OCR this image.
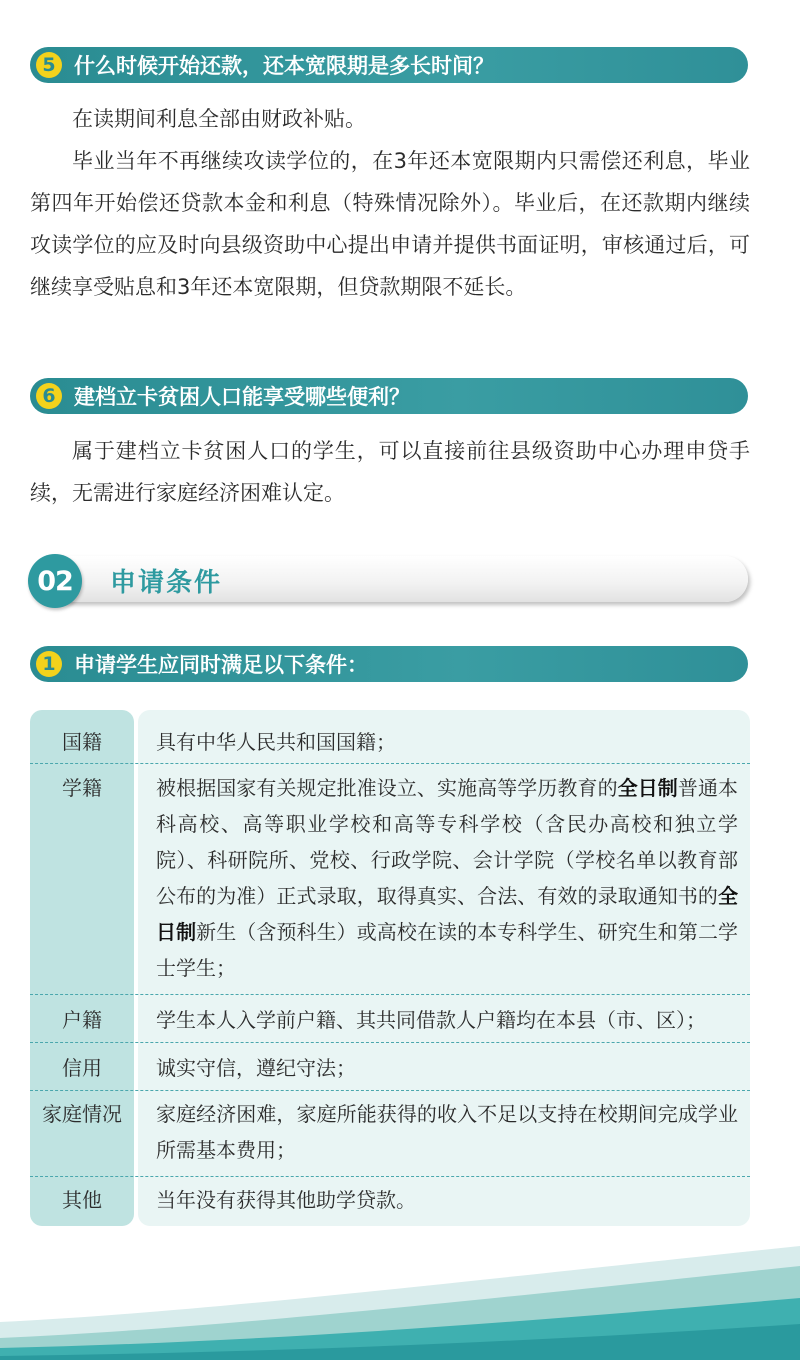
5 什么时候开始还款，还本宽限期是多长时间？

在读期间利息全部由财政补贴。

毕业当年不再继续攻读学位的，在3年还本宽限期内只需偿还利息，毕业第四年开始偿还贷款本金和利息（特殊情况除外）。毕业后，在还款期内继续攻读学位的应及时向县级资助中心提出申请并提供书面证明，审核通过后，可继续享受贴息和3年还本宽限期，但贷款期限不延长。

6 建档立卡贫困人口能享受哪些便利？

属于建档立卡贫困人口的学生，可以直接前往县级资助中心办理申贷手续，无需进行家庭经济困难认定。

02	申请条件
1 申请学生应同时满足以下条件：
国籍	具有中华人民共和国国籍；
学籍	被根据国家有关规定批准设立、实施高等学历教育的全日制普通本科高校、高等职业学校和高等专科学校（含民办高校和独立学院）、科研院所、党校、行政学院、会计学院（学校名单以教育部公布的为准）正式录取，取得真实、合法、有效的录取通知书的全日制新生（含预科生）或高校在读的本专科学生、研究生和第二学士学生；
户籍	学生本人入学前户籍、其共同借款人户籍均在本县（市、区）；
信用	诚实守信，遵纪守法；
家庭情况	家庭经济困难，家庭所能获得的收入不足以支持在校期间完成学业所需基本费用；
其他	当年没有获得其他助学贷款。
